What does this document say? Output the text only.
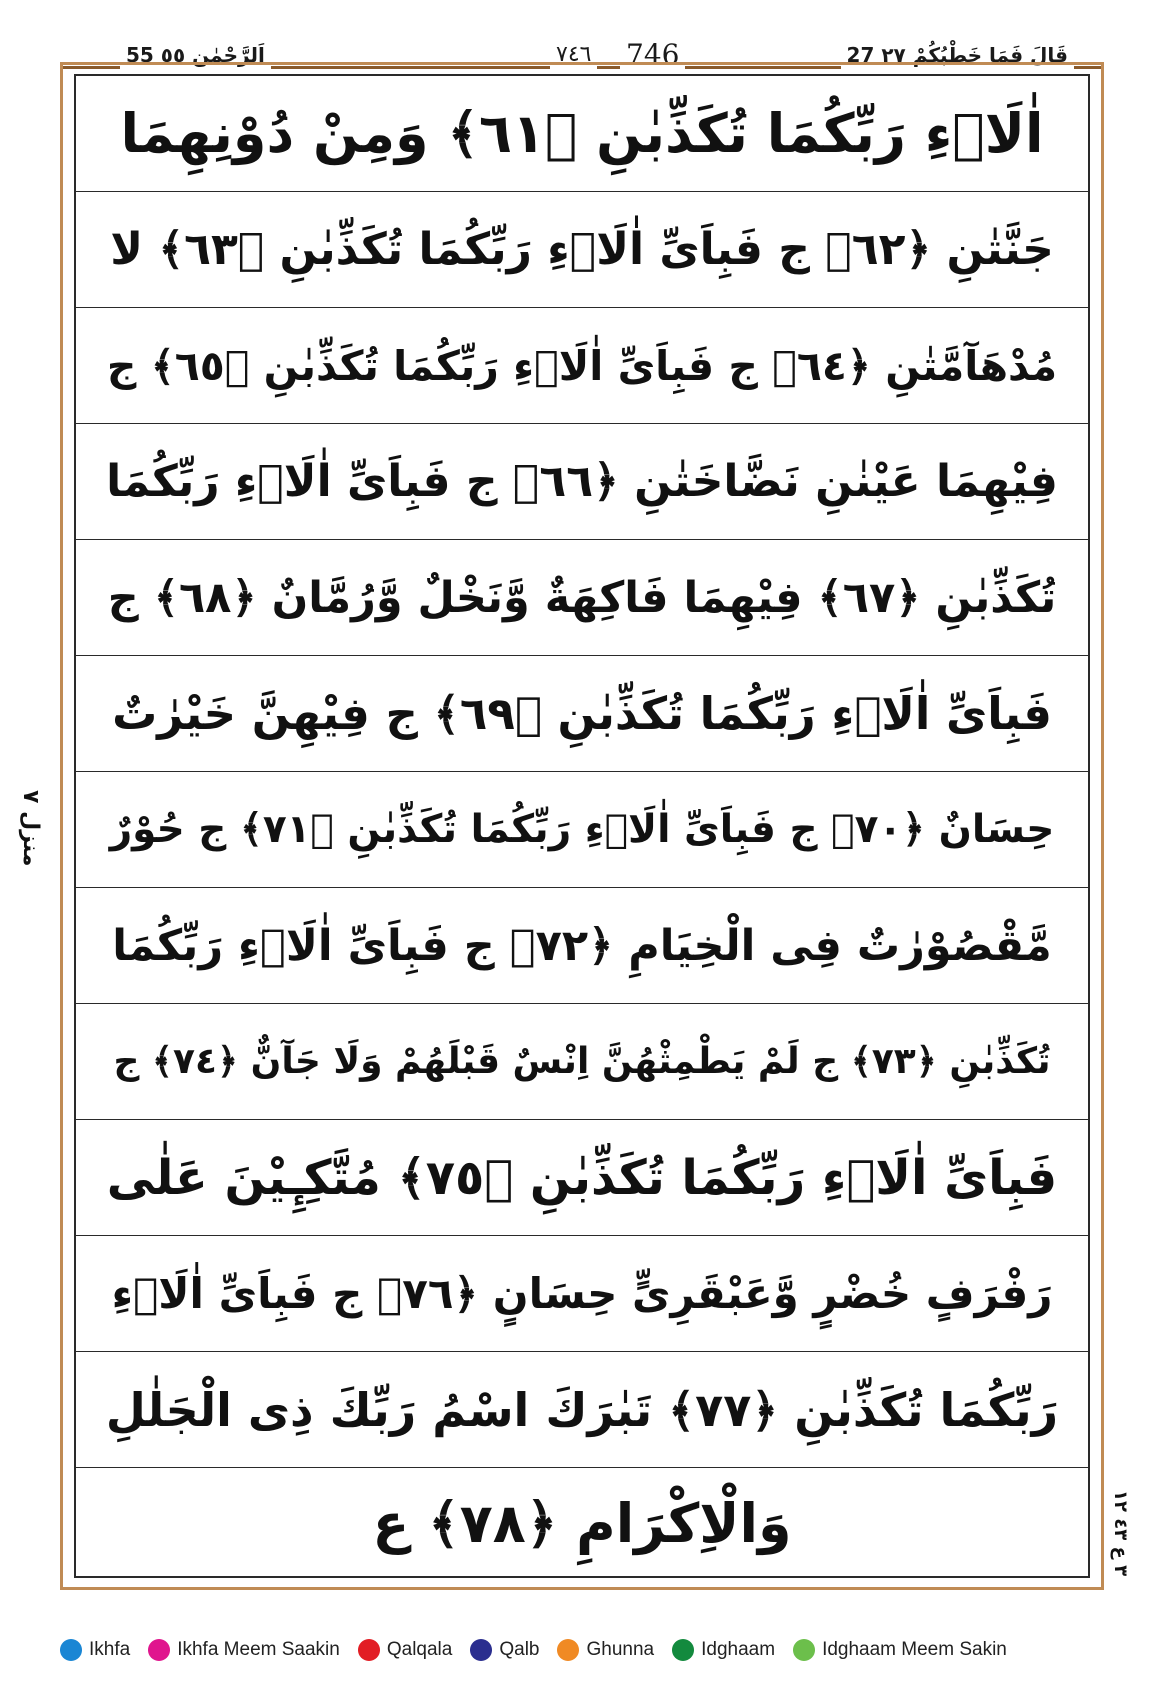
27 قَالَ فَمَا خَطْبُكُمْ ٢٧
٧٤٦ 746
55 اَلرَّحْمٰن ٥٥
اٰلَاۤءِ رَبِّكُمَا تُكَذِّبٰنِ ﴿٦١﴾ وَمِنْ دُوْنِهِمَا
جَنَّتٰنِ ﴿٦٢﴾ ج فَبِاَىِّ اٰلَاۤءِ رَبِّكُمَا تُكَذِّبٰنِ ﴿٦٣﴾ لا
مُدْهَآمَّتٰنِ ﴿٦٤﴾ ج فَبِاَىِّ اٰلَاۤءِ رَبِّكُمَا تُكَذِّبٰنِ ﴿٦٥﴾ ج
فِيْهِمَا عَيْنٰنِ نَضَّاخَتٰنِ ﴿٦٦﴾ ج فَبِاَىِّ اٰلَاۤءِ رَبِّكُمَا
تُكَذِّبٰنِ ﴿٦٧﴾ فِيْهِمَا فَاكِهَةٌ وَّنَخْلٌ وَّرُمَّانٌ ﴿٦٨﴾ ج
فَبِاَىِّ اٰلَاۤءِ رَبِّكُمَا تُكَذِّبٰنِ ﴿٦٩﴾ ج فِيْهِنَّ خَيْرٰتٌ
حِسَانٌ ﴿٧٠﴾ ج فَبِاَىِّ اٰلَاۤءِ رَبِّكُمَا تُكَذِّبٰنِ ﴿٧١﴾ ج حُوْرٌ
مَّقْصُوْرٰتٌ فِى الْخِيَامِ ﴿٧٢﴾ ج فَبِاَىِّ اٰلَاۤءِ رَبِّكُمَا
تُكَذِّبٰنِ ﴿٧٣﴾ ج لَمْ يَطْمِثْهُنَّ اِنْسٌ قَبْلَهُمْ وَلَا جَآنٌّ ﴿٧٤﴾ ج
فَبِاَىِّ اٰلَاۤءِ رَبِّكُمَا تُكَذِّبٰنِ ﴿٧٥﴾ مُتَّكِـِٕيْنَ عَلٰى
رَفْرَفٍ خُضْرٍ وَّعَبْقَرِىٍّ حِسَانٍ ﴿٧٦﴾ ج فَبِاَىِّ اٰلَاۤءِ
رَبِّكُمَا تُكَذِّبٰنِ ﴿٧٧﴾ تَبٰرَكَ اسْمُ رَبِّكَ ذِى الْجَلٰلِ
وَالْاِكْرَامِ ﴿٧٨﴾ ع
منزل ٧
٣ ع ٤٣ ١٢
Ikhfa Ikhfa Meem Saakin Qalqala Qalb Ghunna Idghaam Idghaam Meem Sakin
